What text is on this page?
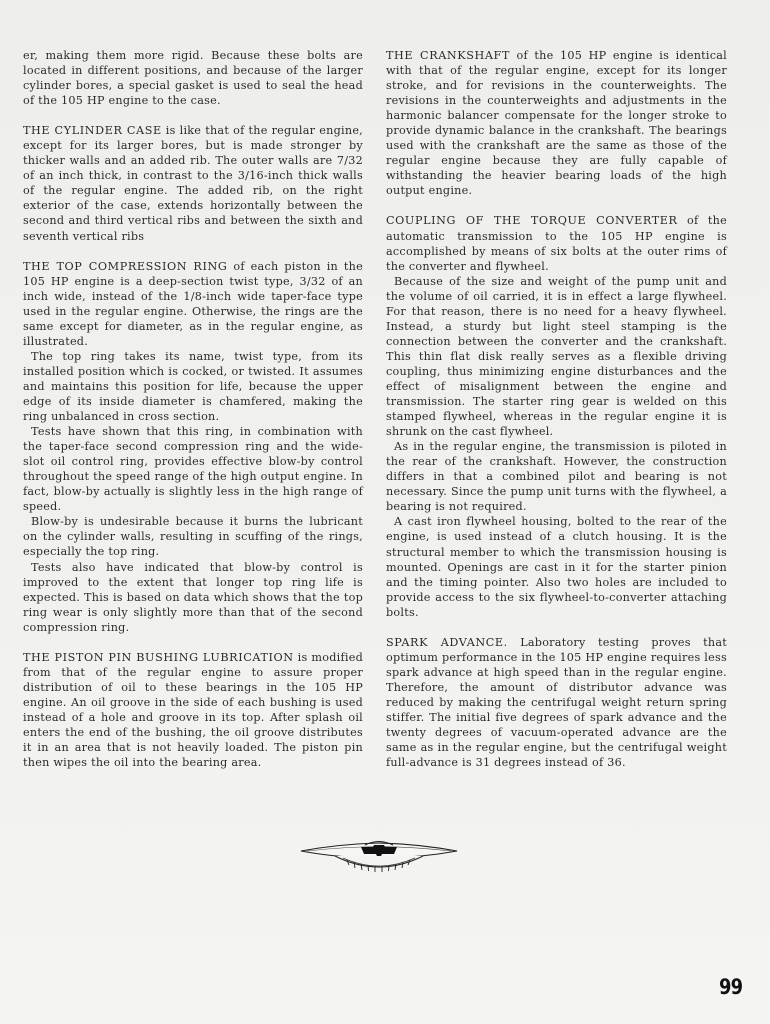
er, making them more rigid. Because these bolts are located in different positions, and because of the larger cylinder bores, a special gasket is used to seal the head of the 105 HP engine to the case.

THE CYLINDER CASE is like that of the regular engine, except for its larger bores, but is made stronger by thicker walls and an added rib. The outer walls are 7/32 of an inch thick, in contrast to the 3/16-inch thick walls of the regular engine. The added rib, on the right exterior of the case, extends horizontally between the second and third vertical ribs and between the sixth and seventh vertical ribs

THE TOP COMPRESSION RING of each piston in the 105 HP engine is a deep-section twist type, 3/32 of an inch wide, instead of the 1/8-inch wide taper-face type used in the regular engine. Otherwise, the rings are the same except for diameter, as in the regular engine, as illustrated.

The top ring takes its name, twist type, from its installed position which is cocked, or twisted. It assumes and maintains this position for life, because the upper edge of its inside diameter is chamfered, making the ring unbalanced in cross section.

Tests have shown that this ring, in combination with the taper-face second compression ring and the wide-slot oil control ring, provides effective blow-by control throughout the speed range of the high output engine. In fact, blow-by actually is slightly less in the high range of speed.

Blow-by is undesirable because it burns the lubricant on the cylinder walls, resulting in scuffing of the rings, especially the top ring.

Tests also have indicated that blow-by control is improved to the extent that longer top ring life is expected. This is based on data which shows that the top ring wear is only slightly more than that of the second compression ring.

THE PISTON PIN BUSHING LUBRICATION is modified from that of the regular engine to assure proper distribution of oil to these bearings in the 105 HP engine. An oil groove in the side of each bushing is used instead of a hole and groove in its top. After splash oil enters the end of the bushing, the oil groove distributes it in an area that is not heavily loaded. The piston pin then wipes the oil into the bearing area.

THE CRANKSHAFT of the 105 HP engine is identical with that of the regular engine, except for its longer stroke, and for revisions in the counterweights. The revisions in the counterweights and adjustments in the harmonic balancer compensate for the longer stroke to provide dynamic balance in the crankshaft. The bearings used with the crankshaft are the same as those of the regular engine because they are fully capable of withstanding the heavier bearing loads of the high output engine.

COUPLING OF THE TORQUE CONVERTER of the automatic transmission to the 105 HP engine is accomplished by means of six bolts at the outer rims of the converter and flywheel.

Because of the size and weight of the pump unit and the volume of oil carried, it is in effect a large flywheel. For that reason, there is no need for a heavy flywheel. Instead, a sturdy but light steel stamping is the connection between the converter and the crankshaft. This thin flat disk really serves as a flexible driving coupling, thus minimizing engine disturbances and the effect of misalignment between the engine and transmission. The starter ring gear is welded on this stamped flywheel, whereas in the regular engine it is shrunk on the cast flywheel.

As in the regular engine, the transmission is piloted in the rear of the crankshaft. However, the construction differs in that a combined pilot and bearing is not necessary. Since the pump unit turns with the flywheel, a bearing is not required.

A cast iron flywheel housing, bolted to the rear of the engine, is used instead of a clutch housing. It is the structural member to which the transmission housing is mounted. Openings are cast in it for the starter pinion and the timing pointer. Also two holes are included to provide access to the six flywheel-to-converter attaching bolts.

SPARK ADVANCE. Laboratory testing proves that optimum performance in the 105 HP engine requires less spark advance at high speed than in the regular engine. Therefore, the amount of distributor advance was reduced by making the centrifugal weight return spring stiffer. The initial five degrees of spark advance and the twenty degrees of vacuum-operated advance are the same as in the regular engine, but the centrifugal weight full-advance is 31 degrees instead of 36.

99
